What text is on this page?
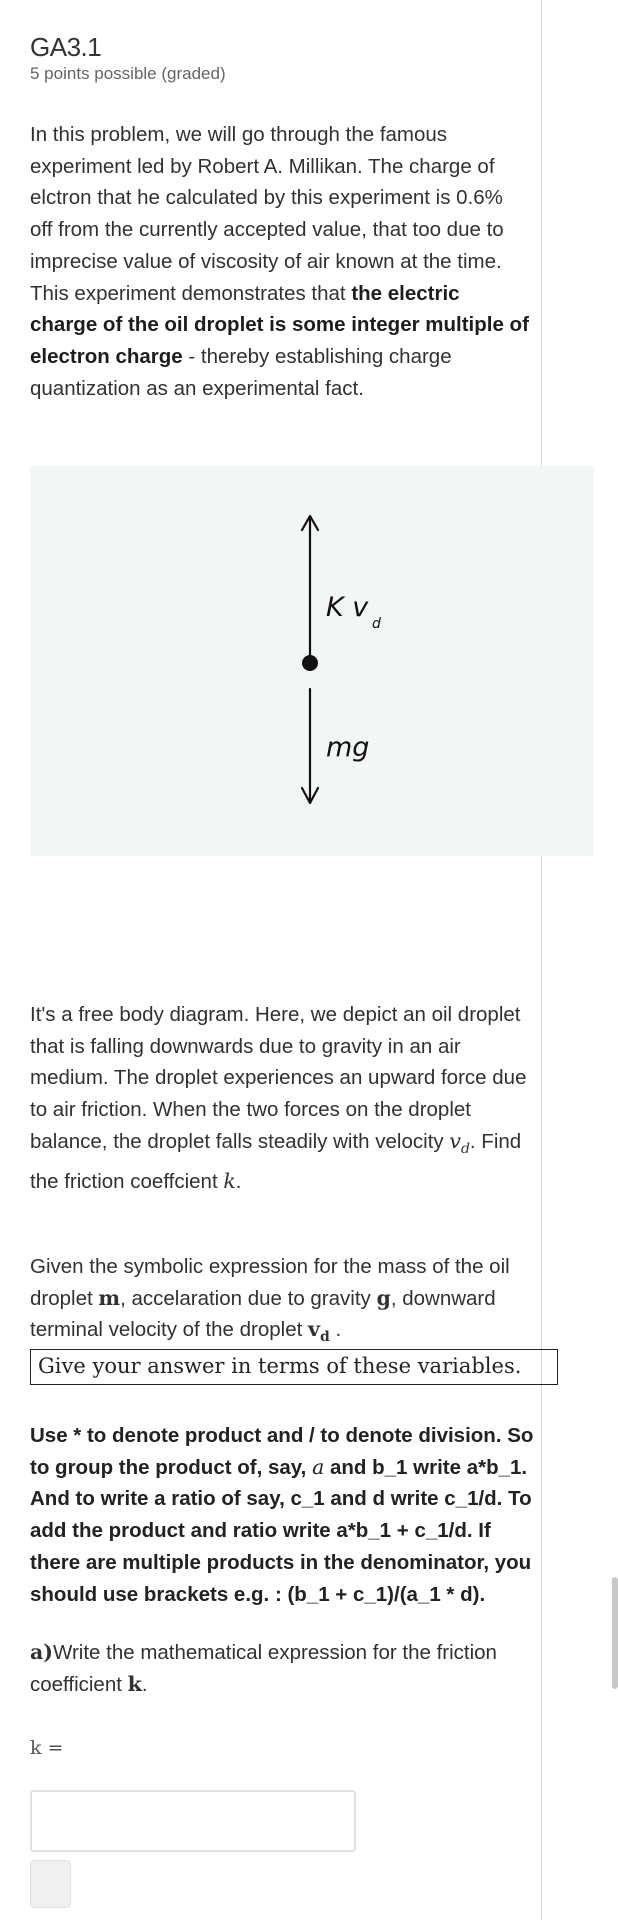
GA3.1
5 points possible (graded)
In this problem, we will go through the famous experiment led by Robert A. Millikan. The charge of elctron that he calculated by this experiment is 0.6% off from the currently accepted value, that too due to imprecise value of viscosity of air known at the time. This experiment demonstrates that the electric charge of the oil droplet is some integer multiple of electron charge - thereby establishing charge quantization as an experimental fact.
K v
d
mg
It's a free body diagram. Here, we depict an oil droplet that is falling downwards due to gravity in an air medium. The droplet experiences an upward force due to air friction. When the two forces on the droplet balance, the droplet falls steadily with velocity $v_d$. Find the friction coeffcient k.
Given the symbolic expression for the mass of the oil droplet m, accelaration due to gravity g, downward terminal velocity of the droplet $v_d$ .
Give your answer in terms of these variables.
Use * to denote product and / to denote division. So to group the product of, say, a and b_1 write a*b_1. And to write a ratio of say, c_1 and d write c_1/d. To add the product and ratio write a*b_1 + c_1/d. If there are multiple products in the denominator, you should use brackets e.g. : (b_1 + c_1)/(a_1 * d).
a)Write the mathematical expression for the friction coefficient k.
k =
